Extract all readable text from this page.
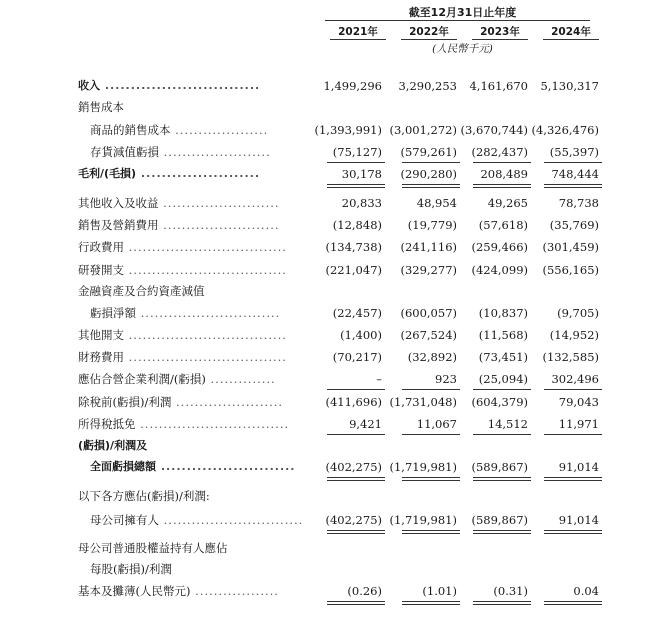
截至12月31日止年度
2021年	2022年	2023年	2024年
(人民幣千元)
收入 ..............................	1,499,296	3,290,253	4,161,670	5,130,317
銷售成本
商品的銷售成本 ....................	(1,393,991) (3,001,272) (3,670,744) (4,326,476)
存貨減值虧損 .......................	(75,127)	(579,261)	(282,437)	(55,397)
毛利/(毛損) .......................	30,178	(290,280)	208,489	748,444
其他收入及收益 .........................	20,833	48,954	49,265	78,738
銷售及營銷費用 .........................	(12,848)	(19,779)	(57,618)	(35,769)
行政費用 ..................................	(134,738)	(241,116)	(259,466)	(301,459)
研發開支 ..................................	(221,047)	(329,277)	(424,099)	(556,165)
金融資產及合約資產減值
虧損淨額 ..............................	(22,457)	(600,057)	(10,837)	(9,705)
其他開支 ..................................	(1,400)	(267,524)	(11,568)	(14,952)
財務費用 ..................................	(70,217)	(32,892)	(73,451)	(132,585)
應佔合營企業利潤/(虧損) ..............	–	923	(25,094)	302,496
除稅前(虧損)/利潤 .......................	(411,696) (1,731,048)	(604,379)	79,043
所得稅抵免 ................................	9,421	11,067	14,512	11,971
(虧損)/利潤及
全面虧損總額 ..........................	(402,275) (1,719,981)	(589,867)	91,014
以下各方應佔(虧損)/利潤:
母公司擁有人 ..............................	(402,275) (1,719,981)	(589,867)	91,014
母公司普通股權益持有人應佔
每股(虧損)/利潤
基本及攤薄(人民幣元) ..................	(0.26)	(1.01)	(0.31)	0.04
